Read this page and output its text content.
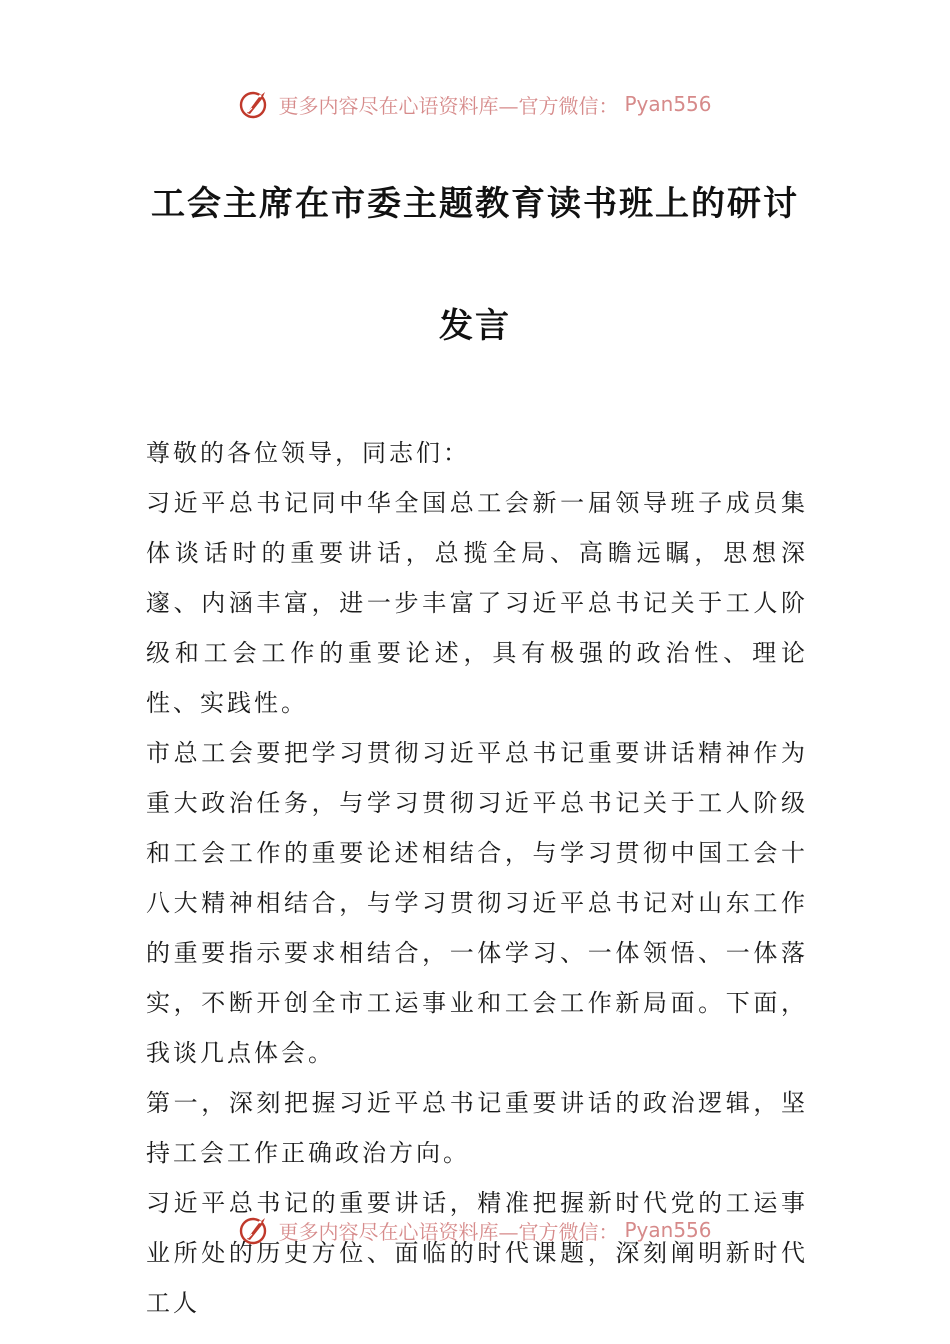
更多内容尽在心语资料库—官方微信： Pyan556
工会主席在市委主题教育读书班上的研讨
发言

尊敬的各位领导，同志们：

习近平总书记同中华全国总工会新一届领导班子成员集体谈话时的重要讲话，总揽全局、高瞻远瞩，思想深邃、内涵丰富，进一步丰富了习近平总书记关于工人阶级和工会工作的重要论述，具有极强的政治性、理论性、实践性。

市总工会要把学习贯彻习近平总书记重要讲话精神作为重大政治任务，与学习贯彻习近平总书记关于工人阶级和工会工作的重要论述相结合，与学习贯彻中国工会十八大精神相结合，与学习贯彻习近平总书记对山东工作的重要指示要求相结合，一体学习、一体领悟、一体落实，不断开创全市工运事业和工会工作新局面。下面，我谈几点体会。

第一，深刻把握习近平总书记重要讲话的政治逻辑，坚持工会工作正确政治方向。

习近平总书记的重要讲话，精准把握新时代党的工运事业所处的历史方位、面临的时代课题，深刻阐明新时代工人

更多内容尽在心语资料库—官方微信： Pyan556
